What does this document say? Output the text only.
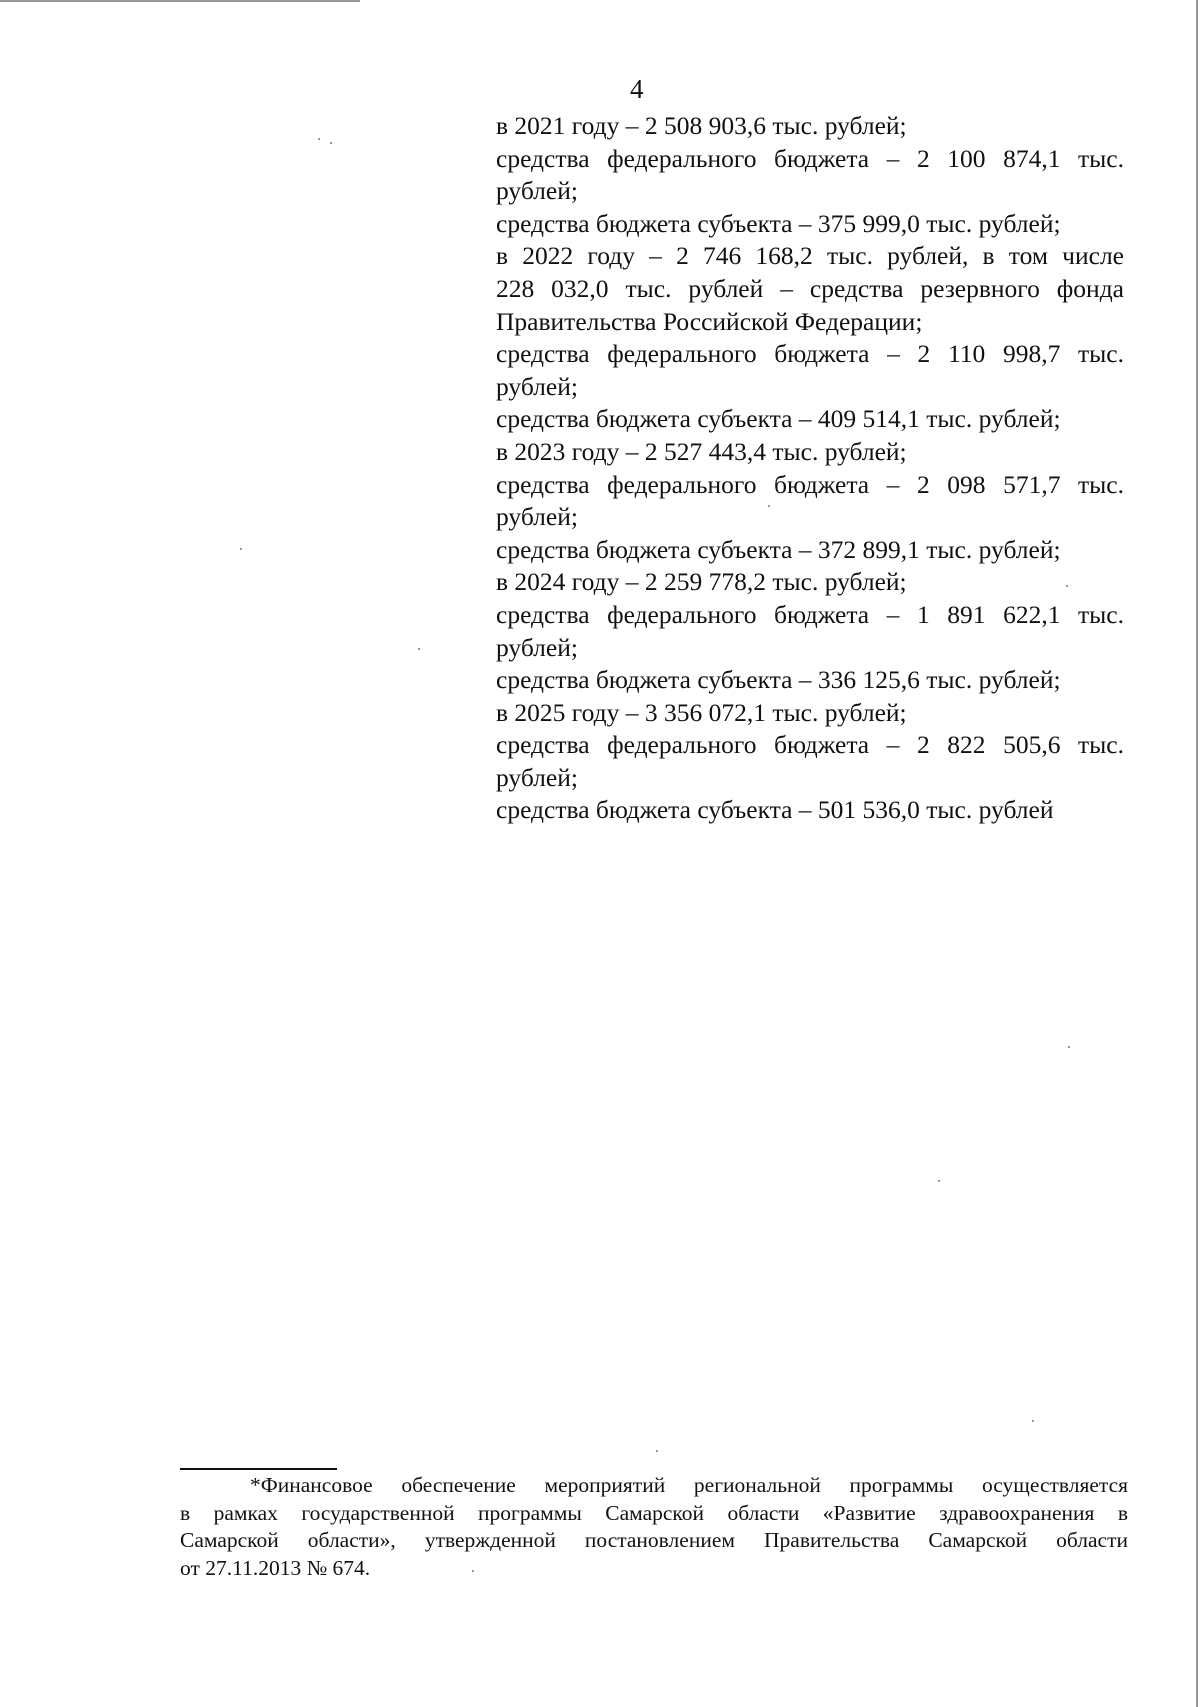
4
в 2021 году – 2 508 903,6 тыс. рублей;
средства федерального бюджета – 2 100 874,1 тыс.
рублей;
средства бюджета субъекта – 375 999,0 тыс. рублей;
в 2022 году – 2 746 168,2 тыс. рублей, в том числе
228 032,0 тыс. рублей – средства резервного фонда
Правительства Российской Федерации;
средства федерального бюджета – 2 110 998,7 тыс.
рублей;
средства бюджета субъекта – 409 514,1 тыс. рублей;
в 2023 году – 2 527 443,4 тыс. рублей;
средства федерального бюджета – 2 098 571,7 тыс.
рублей;
средства бюджета субъекта – 372 899,1 тыс. рублей;
в 2024 году – 2 259 778,2 тыс. рублей;
средства федерального бюджета – 1 891 622,1 тыс.
рублей;
средства бюджета субъекта – 336 125,6 тыс. рублей;
в 2025 году – 3 356 072,1 тыс. рублей;
средства федерального бюджета – 2 822 505,6 тыс.
рублей;
средства бюджета субъекта – 501 536,0 тыс. рублей
*Финансовое обеспечение мероприятий региональной программы осуществляется
в рамках государственной программы Самарской области «Развитие здравоохранения в
Самарской области», утвержденной постановлением Правительства Самарской области
от 27.11.2013 № 674.
